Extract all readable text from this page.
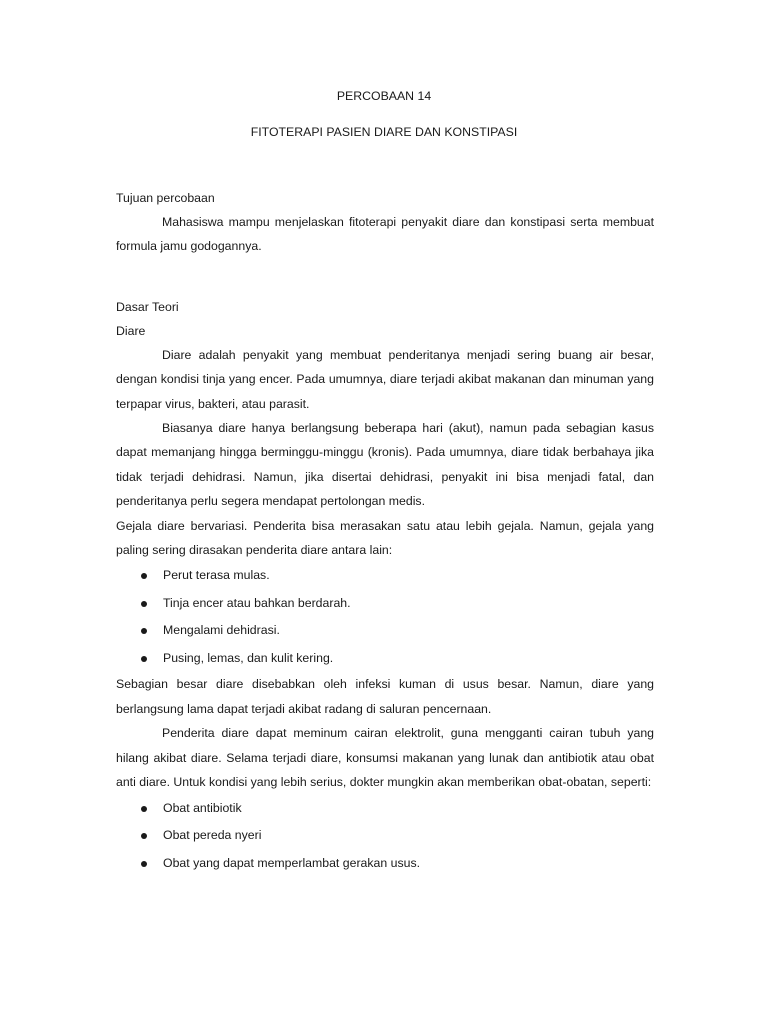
PERCOBAAN 14
FITOTERAPI PASIEN DIARE DAN KONSTIPASI
Tujuan percobaan

Mahasiswa mampu menjelaskan fitoterapi penyakit diare dan konstipasi serta membuat formula jamu godogannya.

Dasar Teori
Diare

Diare adalah penyakit yang membuat penderitanya menjadi sering buang air besar, dengan kondisi tinja yang encer. Pada umumnya, diare terjadi akibat makanan dan minuman yang terpapar virus, bakteri, atau parasit.

Biasanya diare hanya berlangsung beberapa hari (akut), namun pada sebagian kasus dapat memanjang hingga berminggu-minggu (kronis). Pada umumnya, diare tidak berbahaya jika tidak terjadi dehidrasi. Namun, jika disertai dehidrasi, penyakit ini bisa menjadi fatal, dan penderitanya perlu segera mendapat pertolongan medis.

Gejala diare bervariasi. Penderita bisa merasakan satu atau lebih gejala. Namun, gejala yang paling sering dirasakan penderita diare antara lain:

Perut terasa mulas.
Tinja encer atau bahkan berdarah.
Mengalami dehidrasi.
Pusing, lemas, dan kulit kering.

Sebagian besar diare disebabkan oleh infeksi kuman di usus besar. Namun, diare yang berlangsung lama dapat terjadi akibat radang di saluran pencernaan.

Penderita diare dapat meminum cairan elektrolit, guna mengganti cairan tubuh yang hilang akibat diare. Selama terjadi diare, konsumsi makanan yang lunak dan antibiotik atau obat anti diare. Untuk kondisi yang lebih serius, dokter mungkin akan memberikan obat-obatan, seperti:

Obat antibiotik
Obat pereda nyeri
Obat yang dapat memperlambat gerakan usus.
